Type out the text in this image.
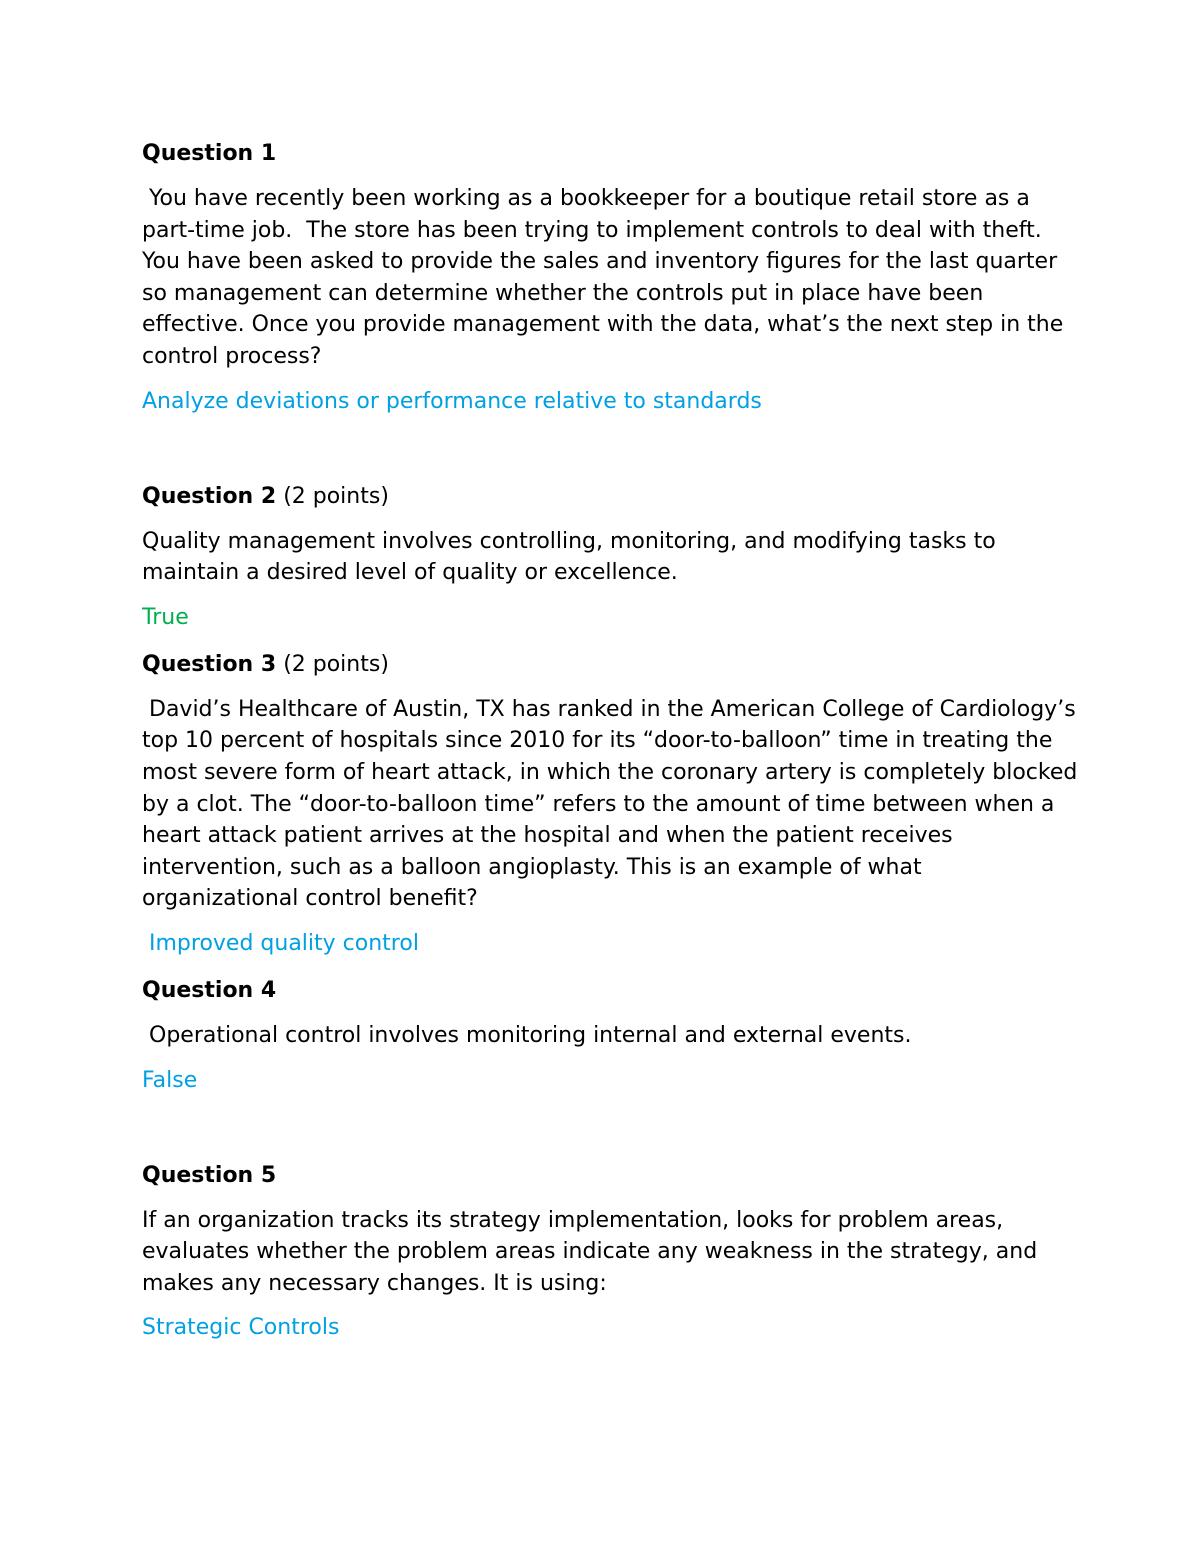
Question 1

You have recently been working as a bookkeeper for a boutique retail store as a part-time job.  The store has been trying to implement controls to deal with theft. You have been asked to provide the sales and inventory figures for the last quarter so management can determine whether the controls put in place have been effective. Once you provide management with the data, what’s the next step in the control process?

Analyze deviations or performance relative to standards

Question 2 (2 points)

Quality management involves controlling, monitoring, and modifying tasks to maintain a desired level of quality or excellence.

True

Question 3 (2 points)

David’s Healthcare of Austin, TX has ranked in the American College of Cardiology’s top 10 percent of hospitals since 2010 for its “door-to-balloon” time in treating the most severe form of heart attack, in which the coronary artery is completely blocked by a clot. The “door-to-balloon time” refers to the amount of time between when a heart attack patient arrives at the hospital and when the patient receives intervention, such as a balloon angioplasty. This is an example of what organizational control benefit?

Improved quality control

Question 4

Operational control involves monitoring internal and external events.

False

Question 5

If an organization tracks its strategy implementation, looks for problem areas, evaluates whether the problem areas indicate any weakness in the strategy, and makes any necessary changes. It is using:

Strategic Controls
